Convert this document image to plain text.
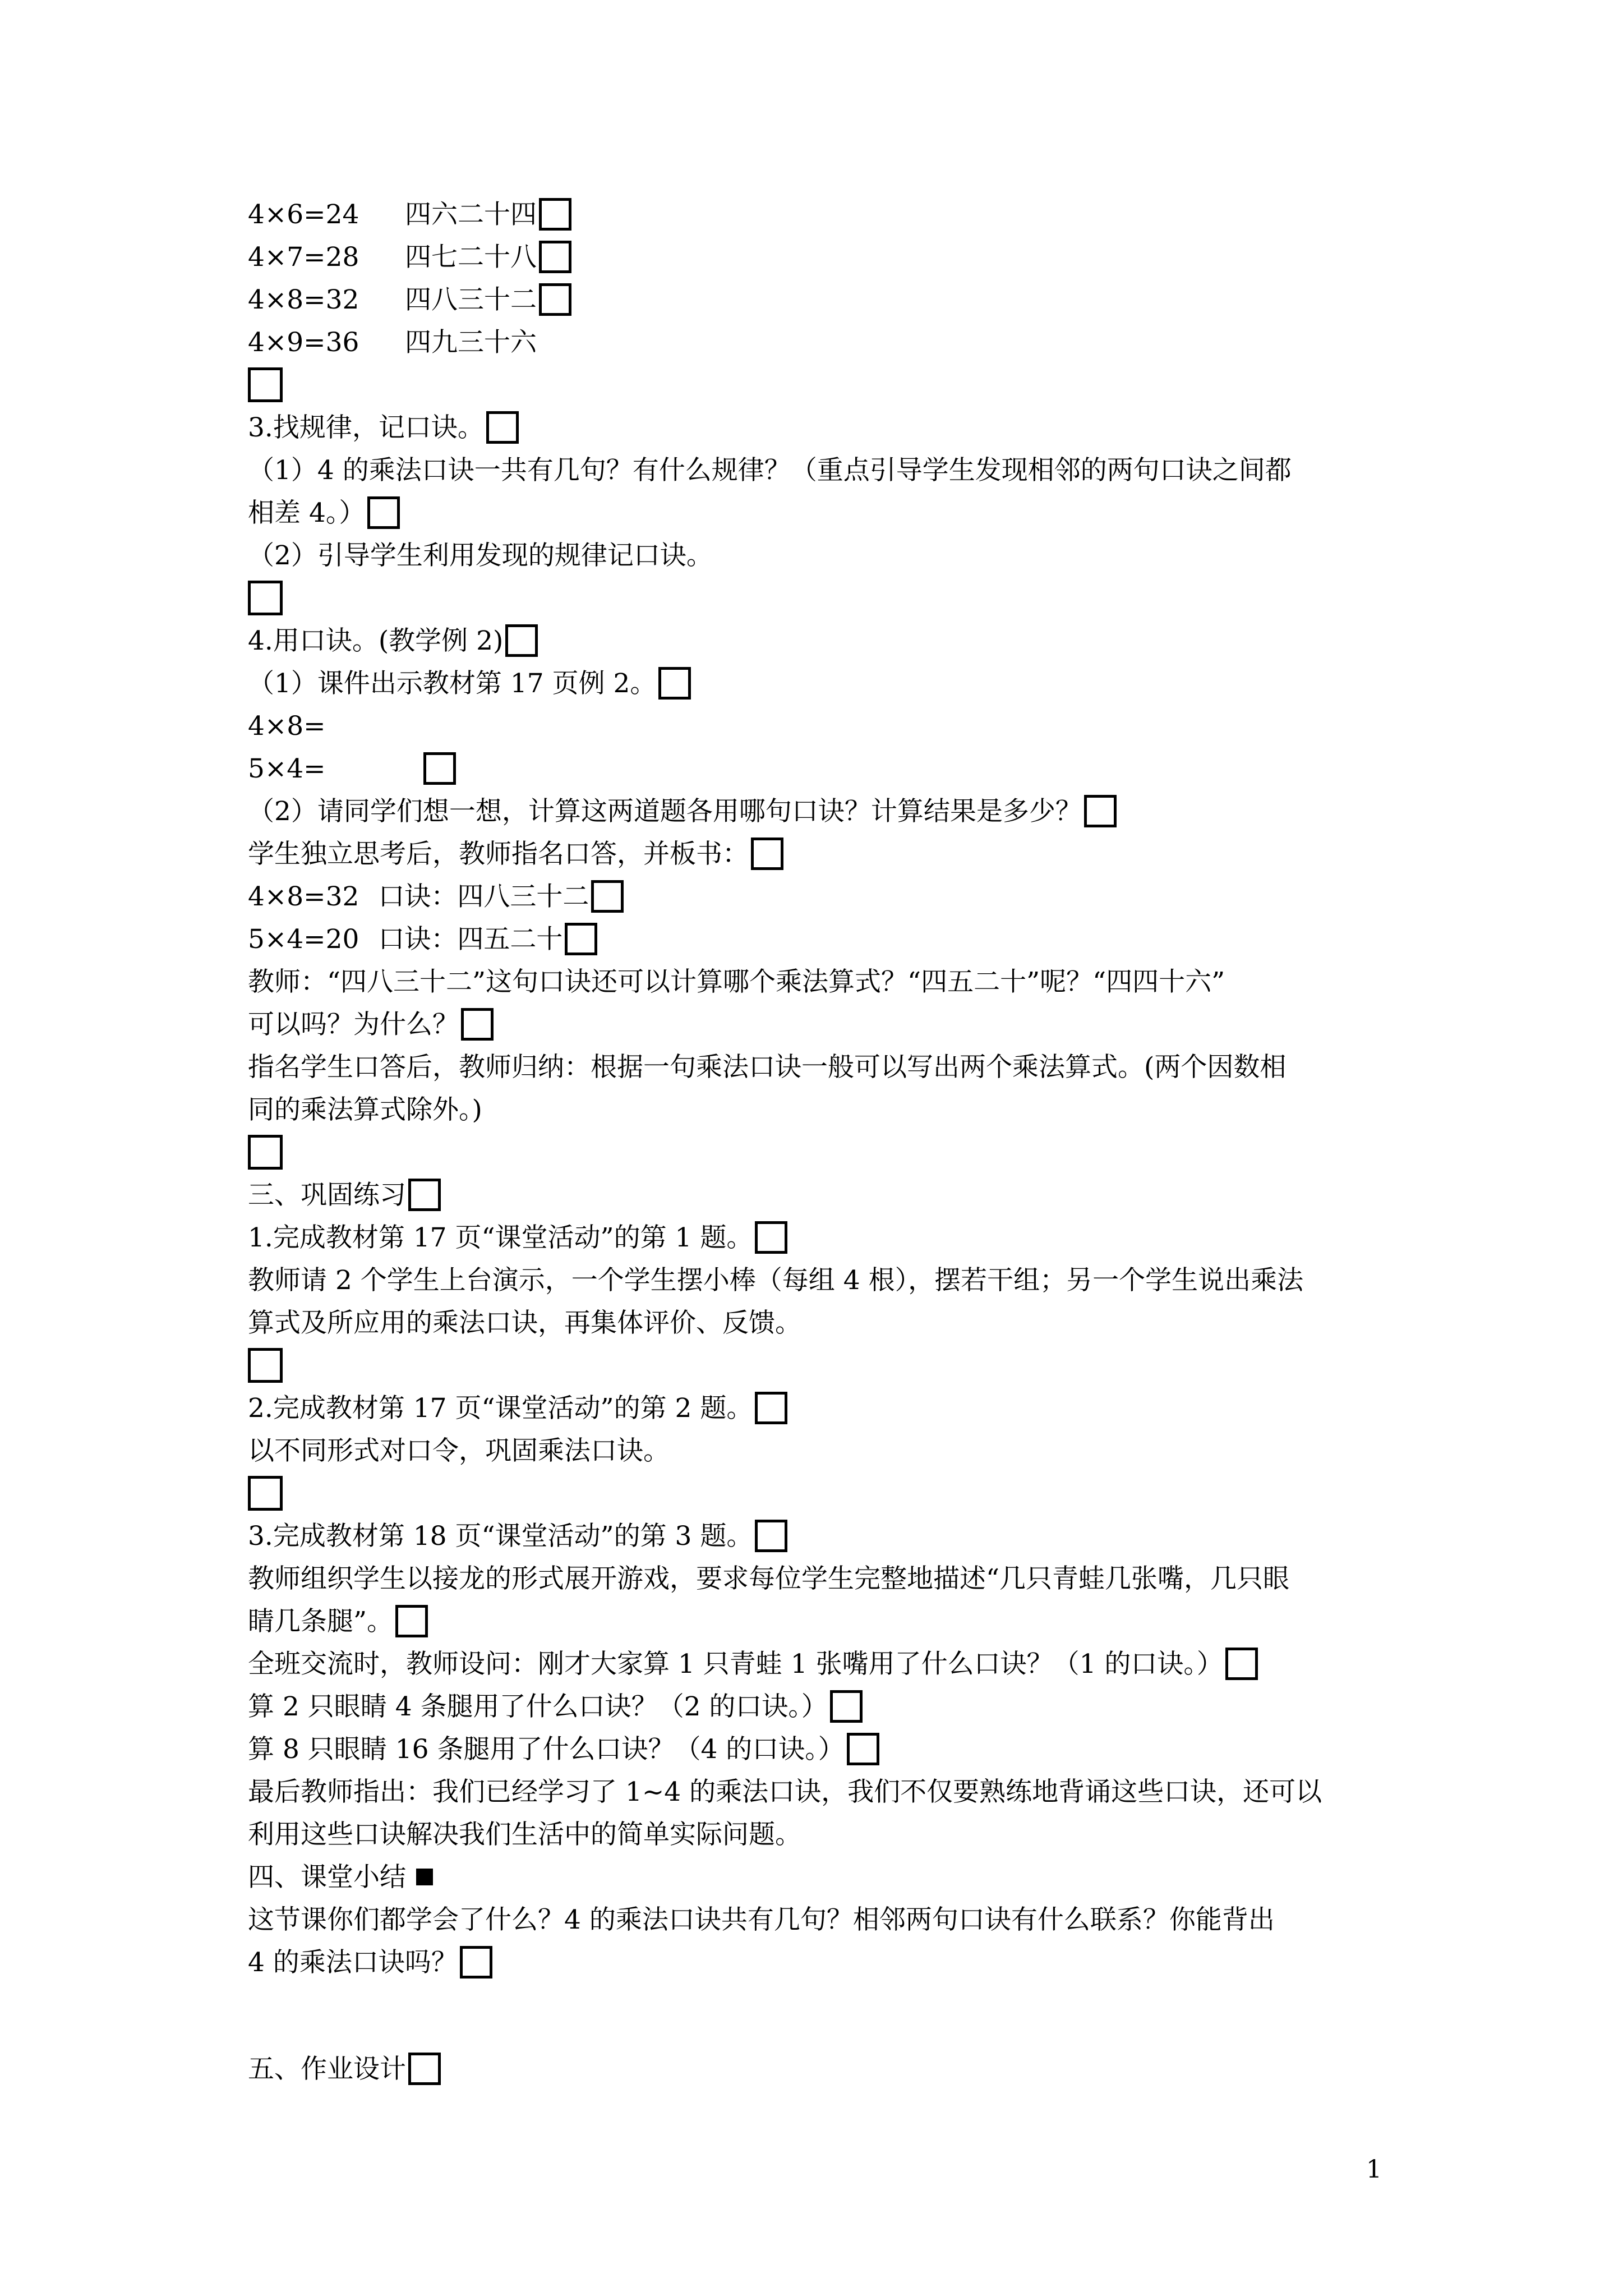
4×6=24 四六二十四
4×7=28 四七二十八
4×8=32 四八三十二
4×9=36 四九三十六
3.找规律，记口诀。
（1）4 的乘法口诀一共有几句？有什么规律？（重点引导学生发现相邻的两句口诀之间都
相差 4。）
（2）引导学生利用发现的规律记口诀。
4.用口诀。(教学例 2)
（1）课件出示教材第 17 页例 2。
4×8=
5×4=
（2）请同学们想一想，计算这两道题各用哪句口诀？计算结果是多少？
学生独立思考后，教师指名口答，并板书：
4×8=32 口诀：四八三十二
5×4=20 口诀：四五二十
教师：“四八三十二”这句口诀还可以计算哪个乘法算式？“四五二十”呢？“四四十六”
可以吗？为什么？
指名学生口答后，教师归纳：根据一句乘法口诀一般可以写出两个乘法算式。(两个因数相
同的乘法算式除外。)
三、巩固练习
1.完成教材第 17 页“课堂活动”的第 1 题。
教师请 2 个学生上台演示，一个学生摆小棒（每组 4 根），摆若干组；另一个学生说出乘法
算式及所应用的乘法口诀，再集体评价、反馈。
2.完成教材第 17 页“课堂活动”的第 2 题。
以不同形式对口令，巩固乘法口诀。
3.完成教材第 18 页“课堂活动”的第 3 题。
教师组织学生以接龙的形式展开游戏，要求每位学生完整地描述“几只青蛙几张嘴，几只眼
睛几条腿”。
全班交流时，教师设问：刚才大家算 1 只青蛙 1 张嘴用了什么口诀？（1 的口诀。）
算 2 只眼睛 4 条腿用了什么口诀？（2 的口诀。）
算 8 只眼睛 16 条腿用了什么口诀？（4 的口诀。）
最后教师指出：我们已经学习了 1~4 的乘法口诀，我们不仅要熟练地背诵这些口诀，还可以
利用这些口诀解决我们生活中的简单实际问题。
四、课堂小结
这节课你们都学会了什么？4 的乘法口诀共有几句？相邻两句口诀有什么联系？你能背出
4 的乘法口诀吗？
五、作业设计
1
